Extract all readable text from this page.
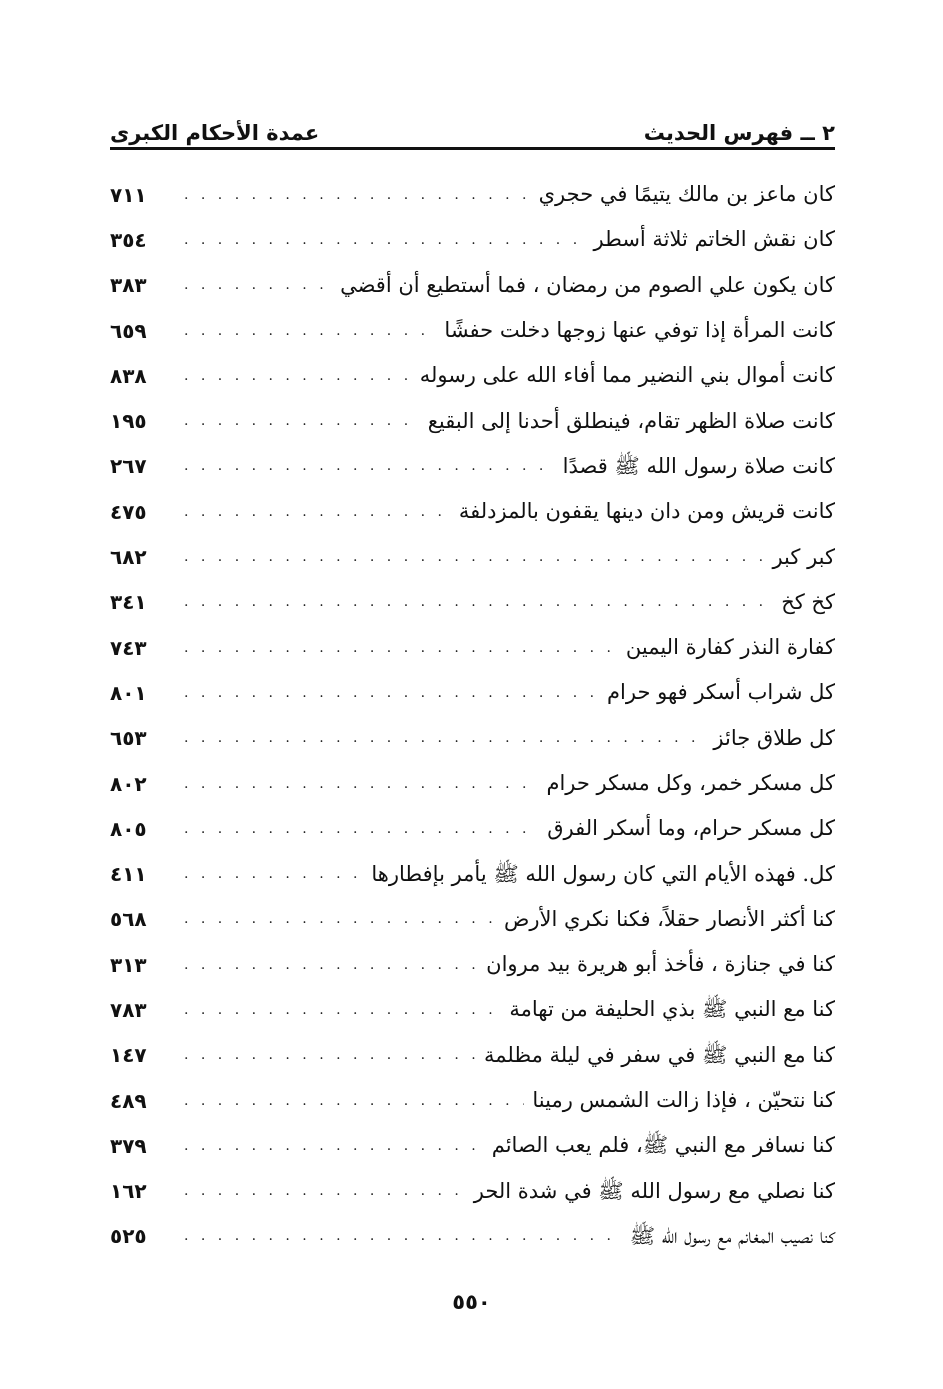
٢ ــ فهرس الحديث
عمدة الأحكام الكبرى
كان ماعز بن مالك يتيمًا في حجري
. . .
٧١١
كان نقش الخاتم ثلاثة أسطر
. . .
٣٥٤
كان يكون علي الصوم من رمضان ، فما أستطيع أن أقضي
. . .
٣٨٣
كانت المرأة إذا توفي عنها زوجها دخلت حفشًا
. . .
٦٥٩
كانت أموال بني النضير مما أفاء الله على رسوله
. . .
٨٣٨
كانت صلاة الظهر تقام، فينطلق أحدنا إلى البقيع
. . .
١٩٥
كانت صلاة رسول الله ﷺ قصدًا
. . .
٢٦٧
كانت قريش ومن دان دينها يقفون بالمزدلفة
. . .
٤٧٥
كبر كبر
. . .
٦٨٢
كخ كخ
. . .
٣٤١
كفارة النذر كفارة اليمين
. . .
٧٤٣
كل شراب أسكر فهو حرام
. . .
٨٠١
كل طلاق جائز
. . .
٦٥٣
كل مسكر خمر، وكل مسكر حرام
. . .
٨٠٢
كل مسكر حرام، وما أسكر الفرق
. . .
٨٠٥
كل. فهذه الأيام التي كان رسول الله ﷺ يأمر بإفطارها
. . .
٤١١
كنا أكثر الأنصار حقلاً، فكنا نكري الأرض
. . .
٥٦٨
كنا في جنازة ، فأخذ أبو هريرة بيد مروان
. . .
٣١٣
كنا مع النبي ﷺ بذي الحليفة من تهامة
. . .
٧٨٣
كنا مع النبي ﷺ في سفر في ليلة مظلمة
. . .
١٤٧
كنا نتحيّن ، فإذا زالت الشمس رمينا
. . .
٤٨٩
كنا نسافر مع النبي ﷺ، فلم يعب الصائم
. . .
٣٧٩
كنا نصلي مع رسول الله ﷺ في شدة الحر
. . .
١٦٢
كنا نصيب المغانم مع رسول الله ﷺ
. . .
٥٢٥
٥٥٠
